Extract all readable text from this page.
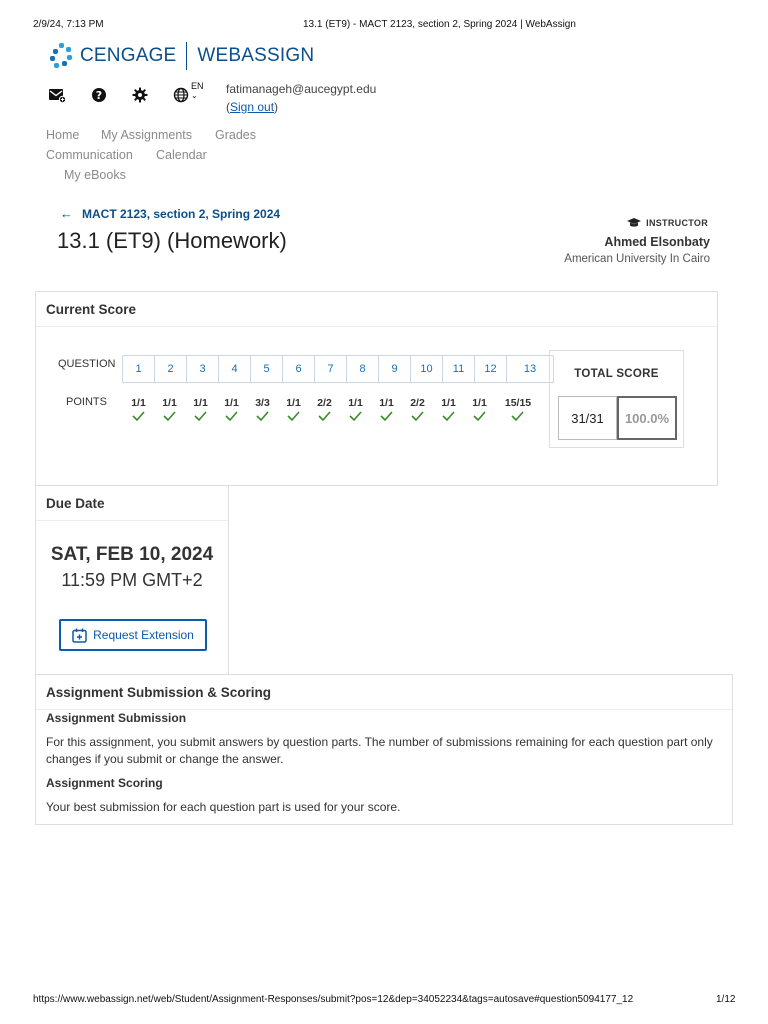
2/9/24, 7:13 PM	13.1 (ET9) - MACT 2123, section 2, Spring 2024 | WebAssign
https://www.webassign.net/web/Student/Assignment-Responses/submit?pos=12&dep=34052234&tags=autosave#question5094177_12	1/12
CENGAGE WEBASSIGN
?
EN
⌄	fatimanageh@aucegypt.edu
(Sign out)
Home My Assignments Grades
Communication Calendar
My eBooks
← MACT 2123, section 2, Spring 2024
13.1 (ET9) (Homework)
INSTRUCTOR
Ahmed Elsonbaty
American University In Cairo
Current Score
QUESTION
POINTS
1	2	3	4	5	6	7	8	9	10	11	12	13
1/1	1/1	1/1	1/1	3/3	1/1	2/2	1/1	1/1	2/2	1/1	1/1	15/15
TOTAL SCORE
31/31	100.0%
Due Date
SAT, FEB 10, 2024
11:59 PM GMT+2
Request Extension
Assignment Submission & Scoring
Assignment Submission
For this assignment, you submit answers by question parts. The number of submissions remaining for each question part only changes if you submit or change the answer.
Assignment Scoring
Your best submission for each question part is used for your score.
